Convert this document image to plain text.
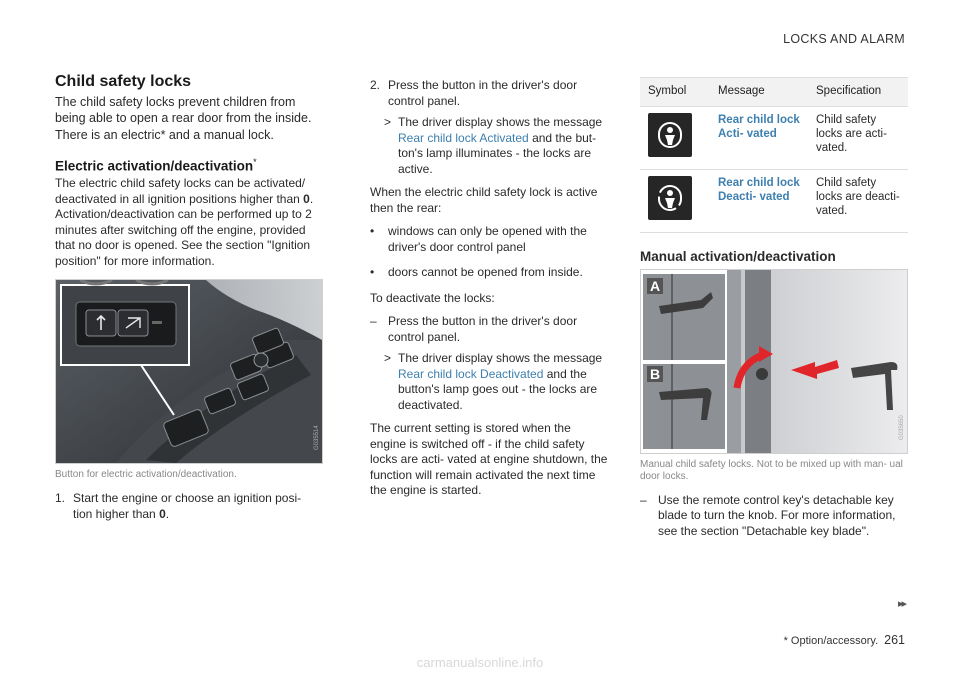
LOCKS AND ALARM
Child safety locks

The child safety locks prevent children from being able to open a rear door from the inside. There is an electric* and a manual lock.

Electric activation/deactivation*

The electric child safety locks can be activated/ deactivated in all ignition positions higher than 0. Activation/deactivation can be performed up to 2 minutes after switching off the engine, provided that no door is opened. See the section "Ignition position" for more information.

G035514
Button for electric activation/deactivation.
1. Start the engine or choose an ignition posi- tion higher than 0.
2. Press the button in the driver's door control panel.
> The driver display shows the message Rear child lock Activated and the but- ton's lamp illuminates - the locks are active.

When the electric child safety lock is active then the rear:

•	windows can only be opened with the driver's door control panel
•	doors cannot be opened from inside.

To deactivate the locks:

– Press the button in the driver's door control panel.
> The driver display shows the message Rear child lock Deactivated and the button's lamp goes out - the locks are deactivated.

The current setting is stored when the engine is switched off - if the child safety locks are acti- vated at engine shutdown, the function will remain activated the next time the engine is started.

Symbol	Message	Specification

	Rear child lock Acti- vated	Child safety locks are acti- vated.

	Rear child lock Deacti- vated	Child safety locks are deacti- vated.
Manual activation/deactivation
A
B
G035650
Manual child safety locks. Not to be mixed up with man- ual door locks.
– Use the remote control key's detachable key blade to turn the knob. For more information, see the section "Detachable key blade".
▸▸
* Option/accessory. 261
carmanualsonline.info
